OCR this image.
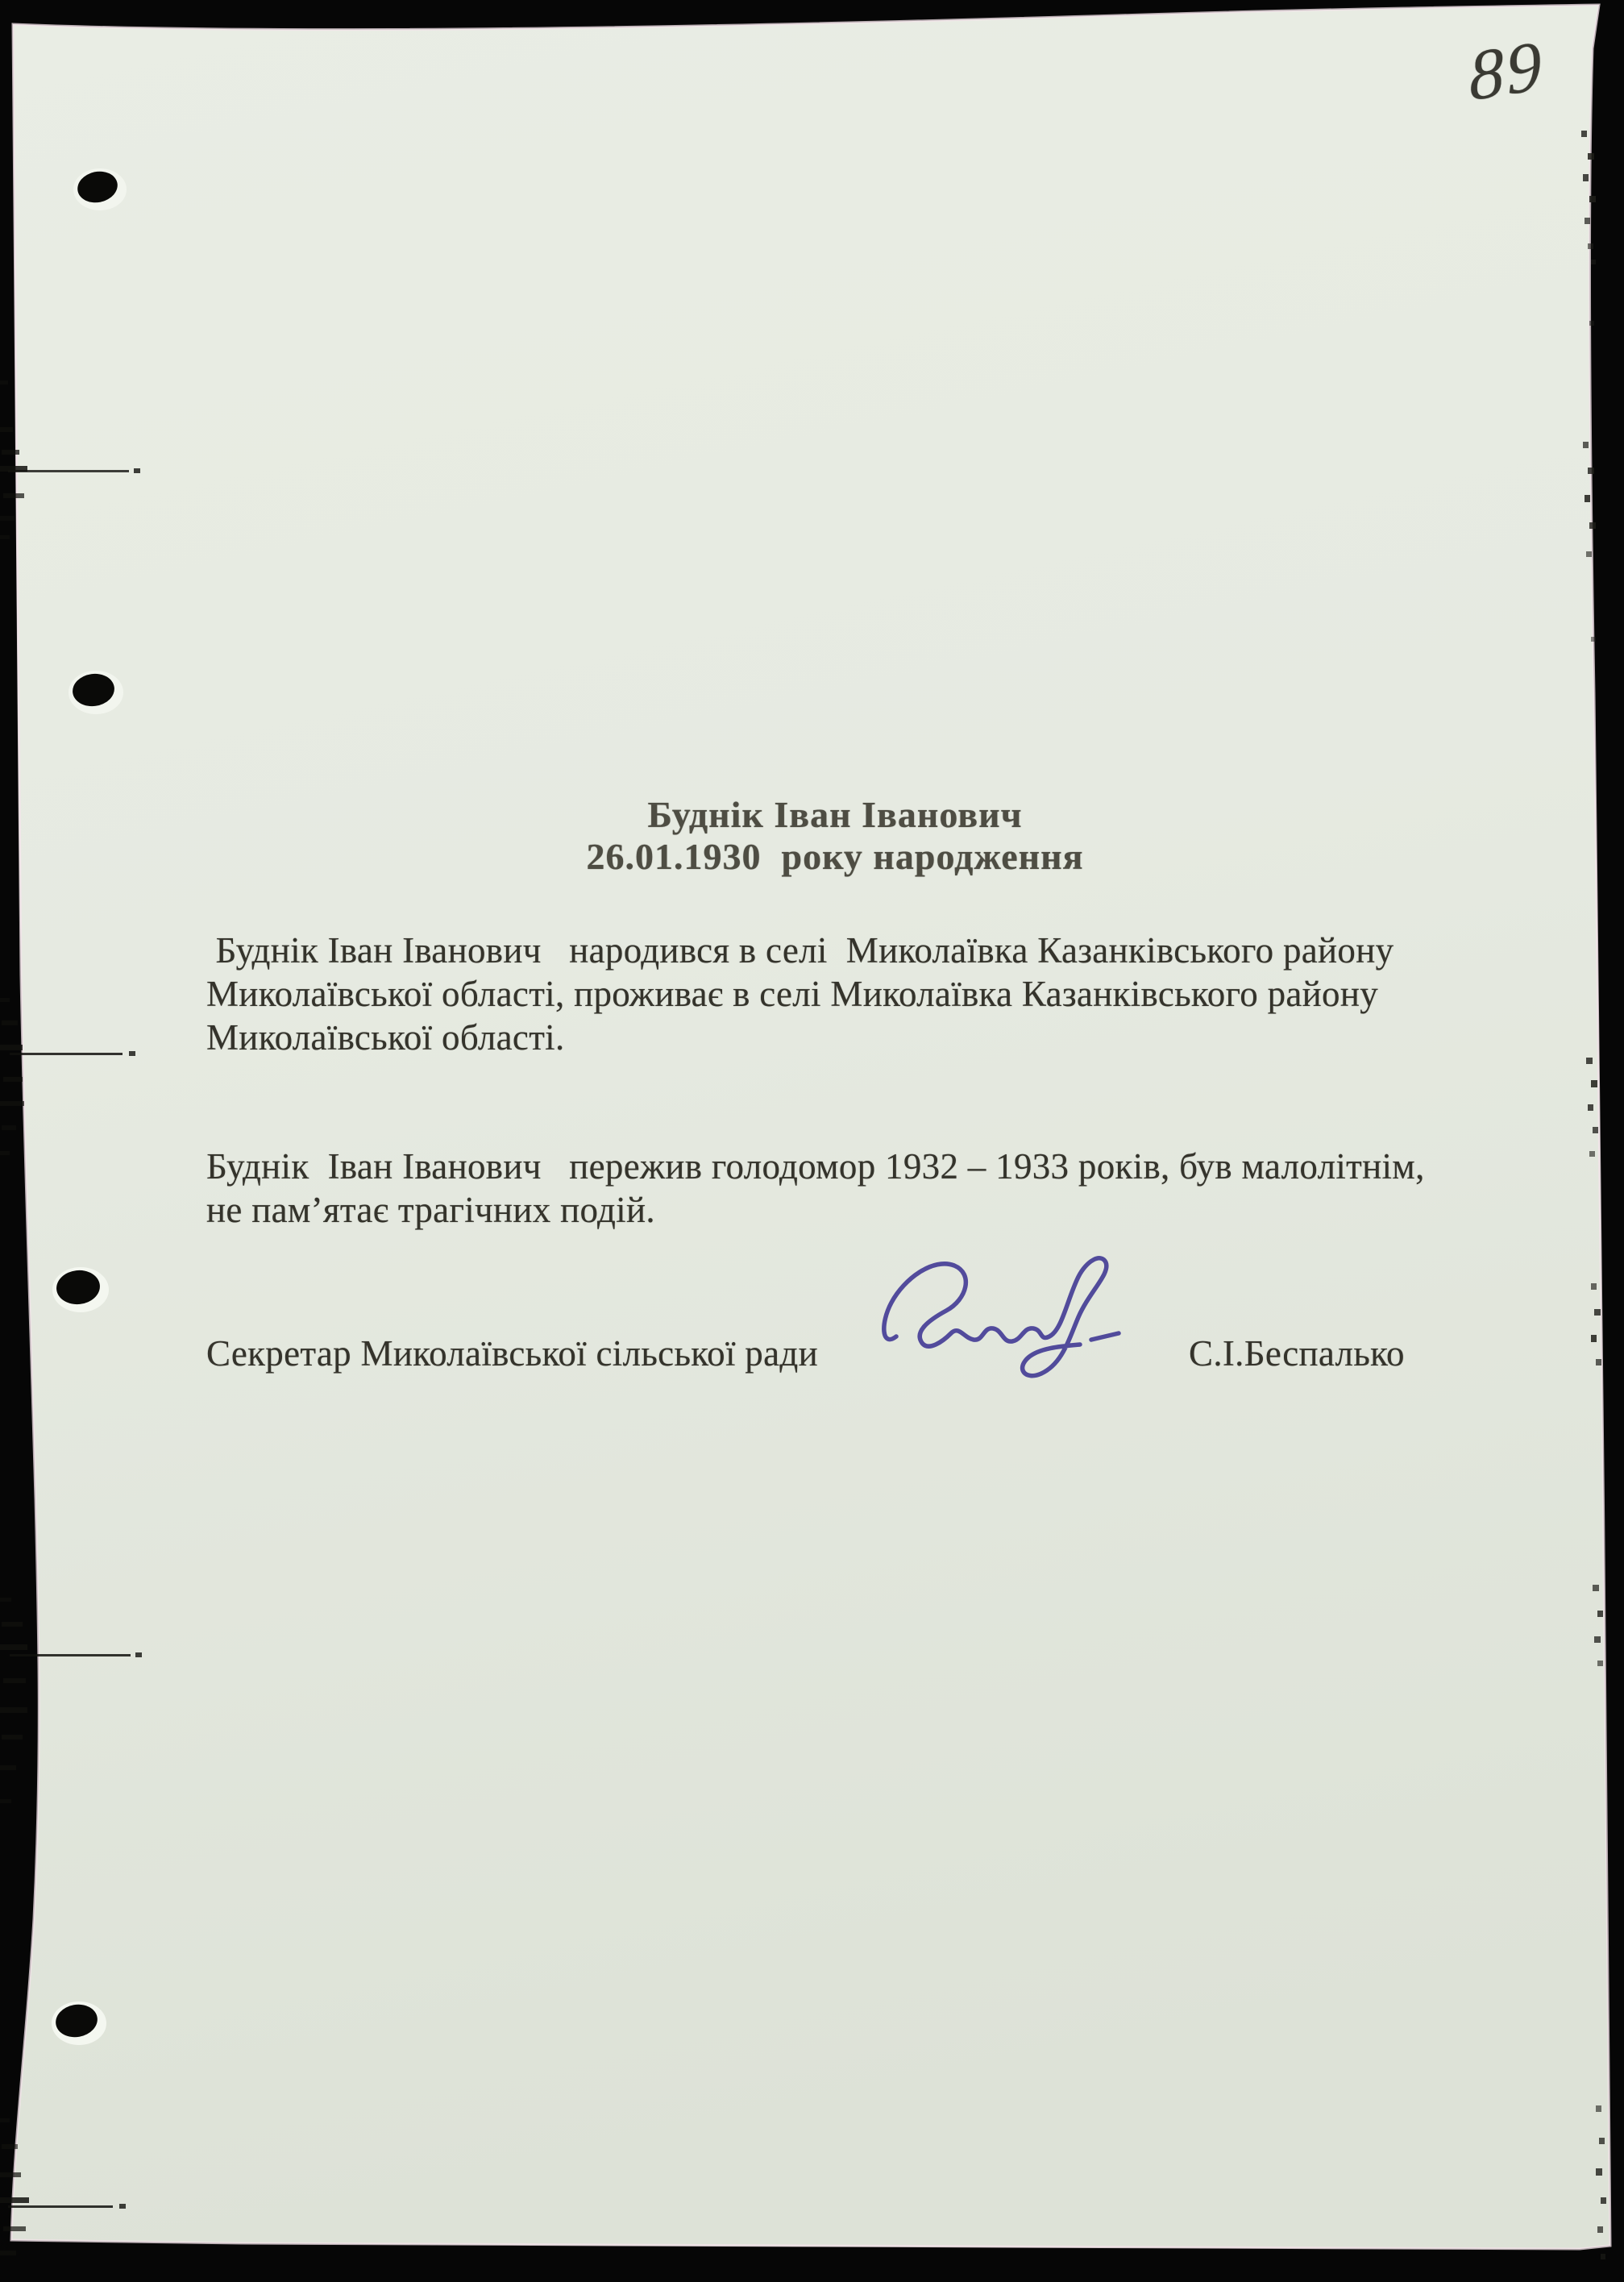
89
Буднік Іван Іванович
26.01.1930  року народження
Буднік Іван Іванович   народився в селі  Миколаївка Казанківського району
Миколаївської області, проживає в селі Миколаївка Казанківського району
Миколаївської області.
Буднік  Іван Іванович   пережив голодомор 1932 – 1933 років, був малолітнім,
не пам’ятає трагічних подій.
Секретар Миколаївської сільської ради	С.І.Беспалько
